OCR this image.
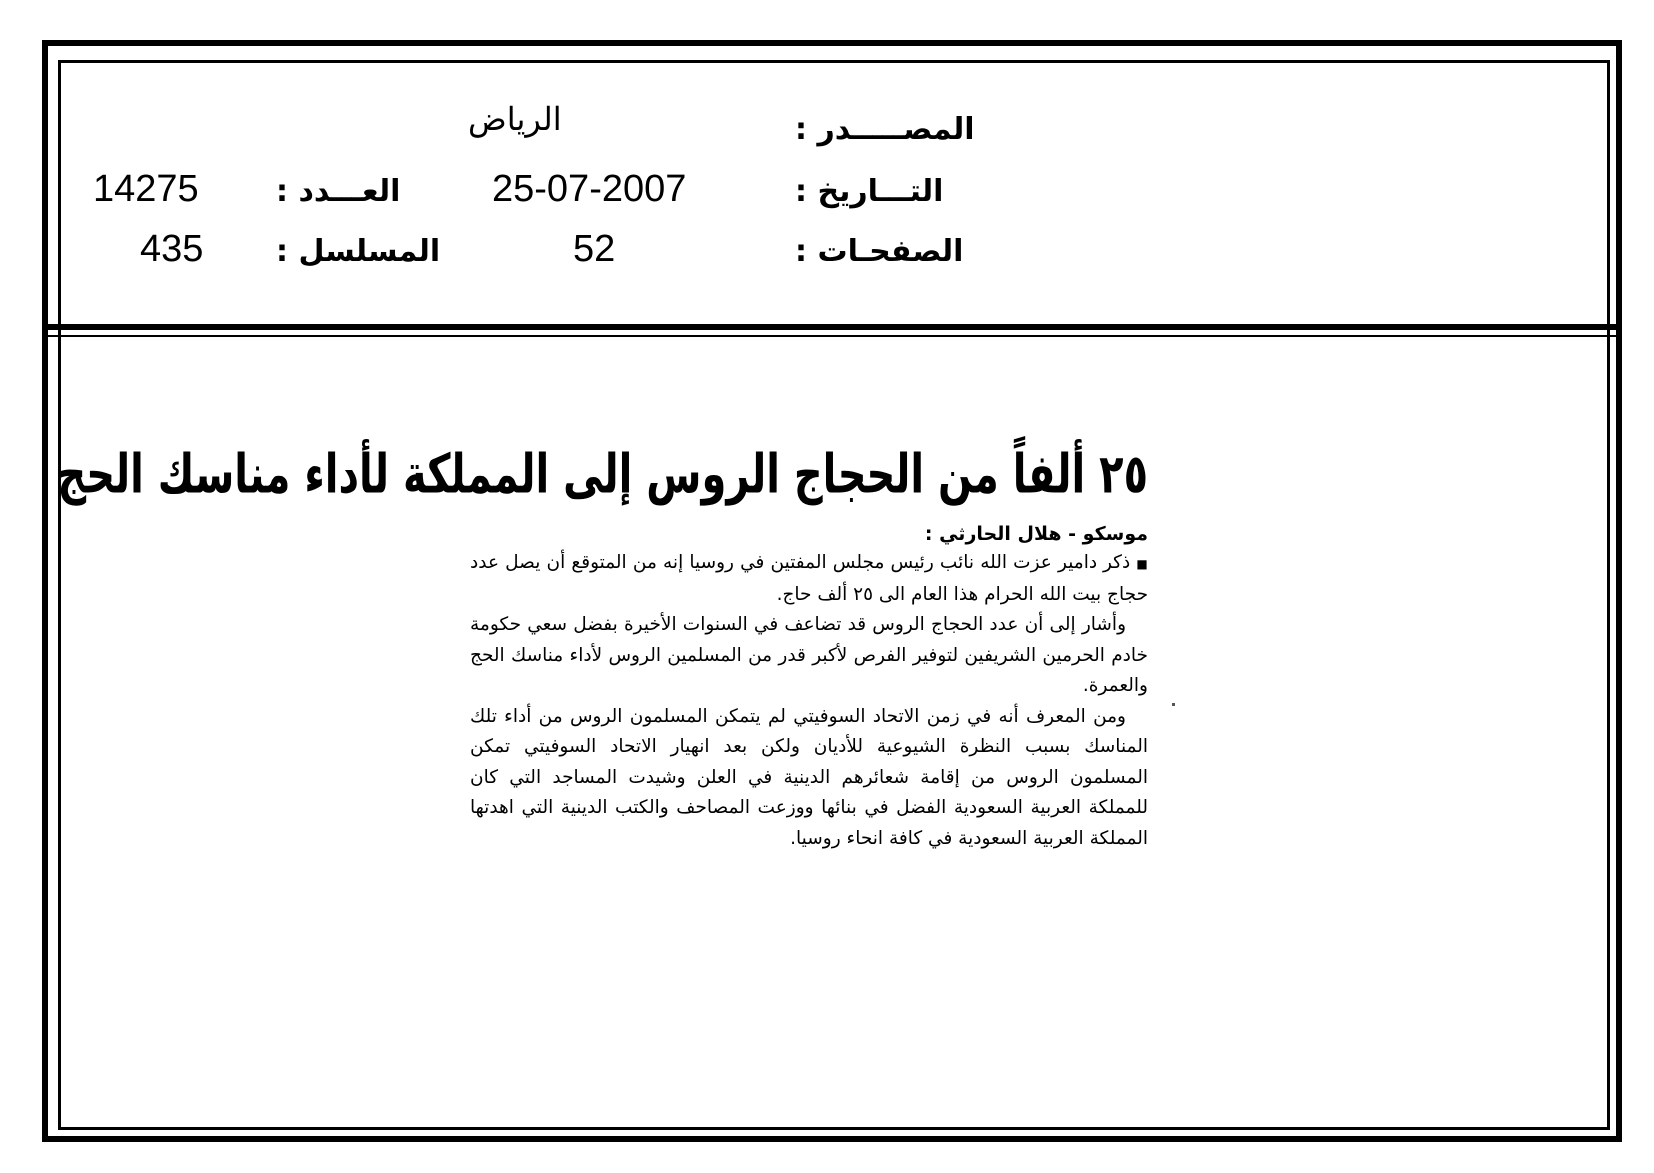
المصـــــدر :
الرياض
التـــاريخ :
25-07-2007
الصفحـات :
52
العـــدد :
14275
المسلسل :
435
٢٥ ألفاً من الحجاج الروس إلى المملكة لأداء مناسك الحج
موسكو - هلال الحارثي :

■ ذكر دامير عزت الله نائب رئيس مجلس المفتين في روسيا إنه من المتوقع أن يصل عدد حجاج بيت الله الحرام هذا العام الى ٢٥ ألف حاج.

وأشار إلى أن عدد الحجاج الروس قد تضاعف في السنوات الأخيرة بفضل سعي حكومة خادم الحرمين الشريفين لتوفير الفرص لأكبر قدر من المسلمين الروس لأداء مناسك الحج والعمرة.

ومن المعرف أنه في زمن الاتحاد السوفيتي لم يتمكن المسلمون الروس من أداء تلك المناسك بسبب النظرة الشيوعية للأديان ولكن بعد انهيار الاتحاد السوفيتي تمكن المسلمون الروس من إقامة شعائرهم الدينية في العلن وشيدت المساجد التي كان للمملكة العربية السعودية الفضل في بنائها ووزعت المصاحف والكتب الدينية التي اهدتها المملكة العربية السعودية في كافة انحاء روسيا.
